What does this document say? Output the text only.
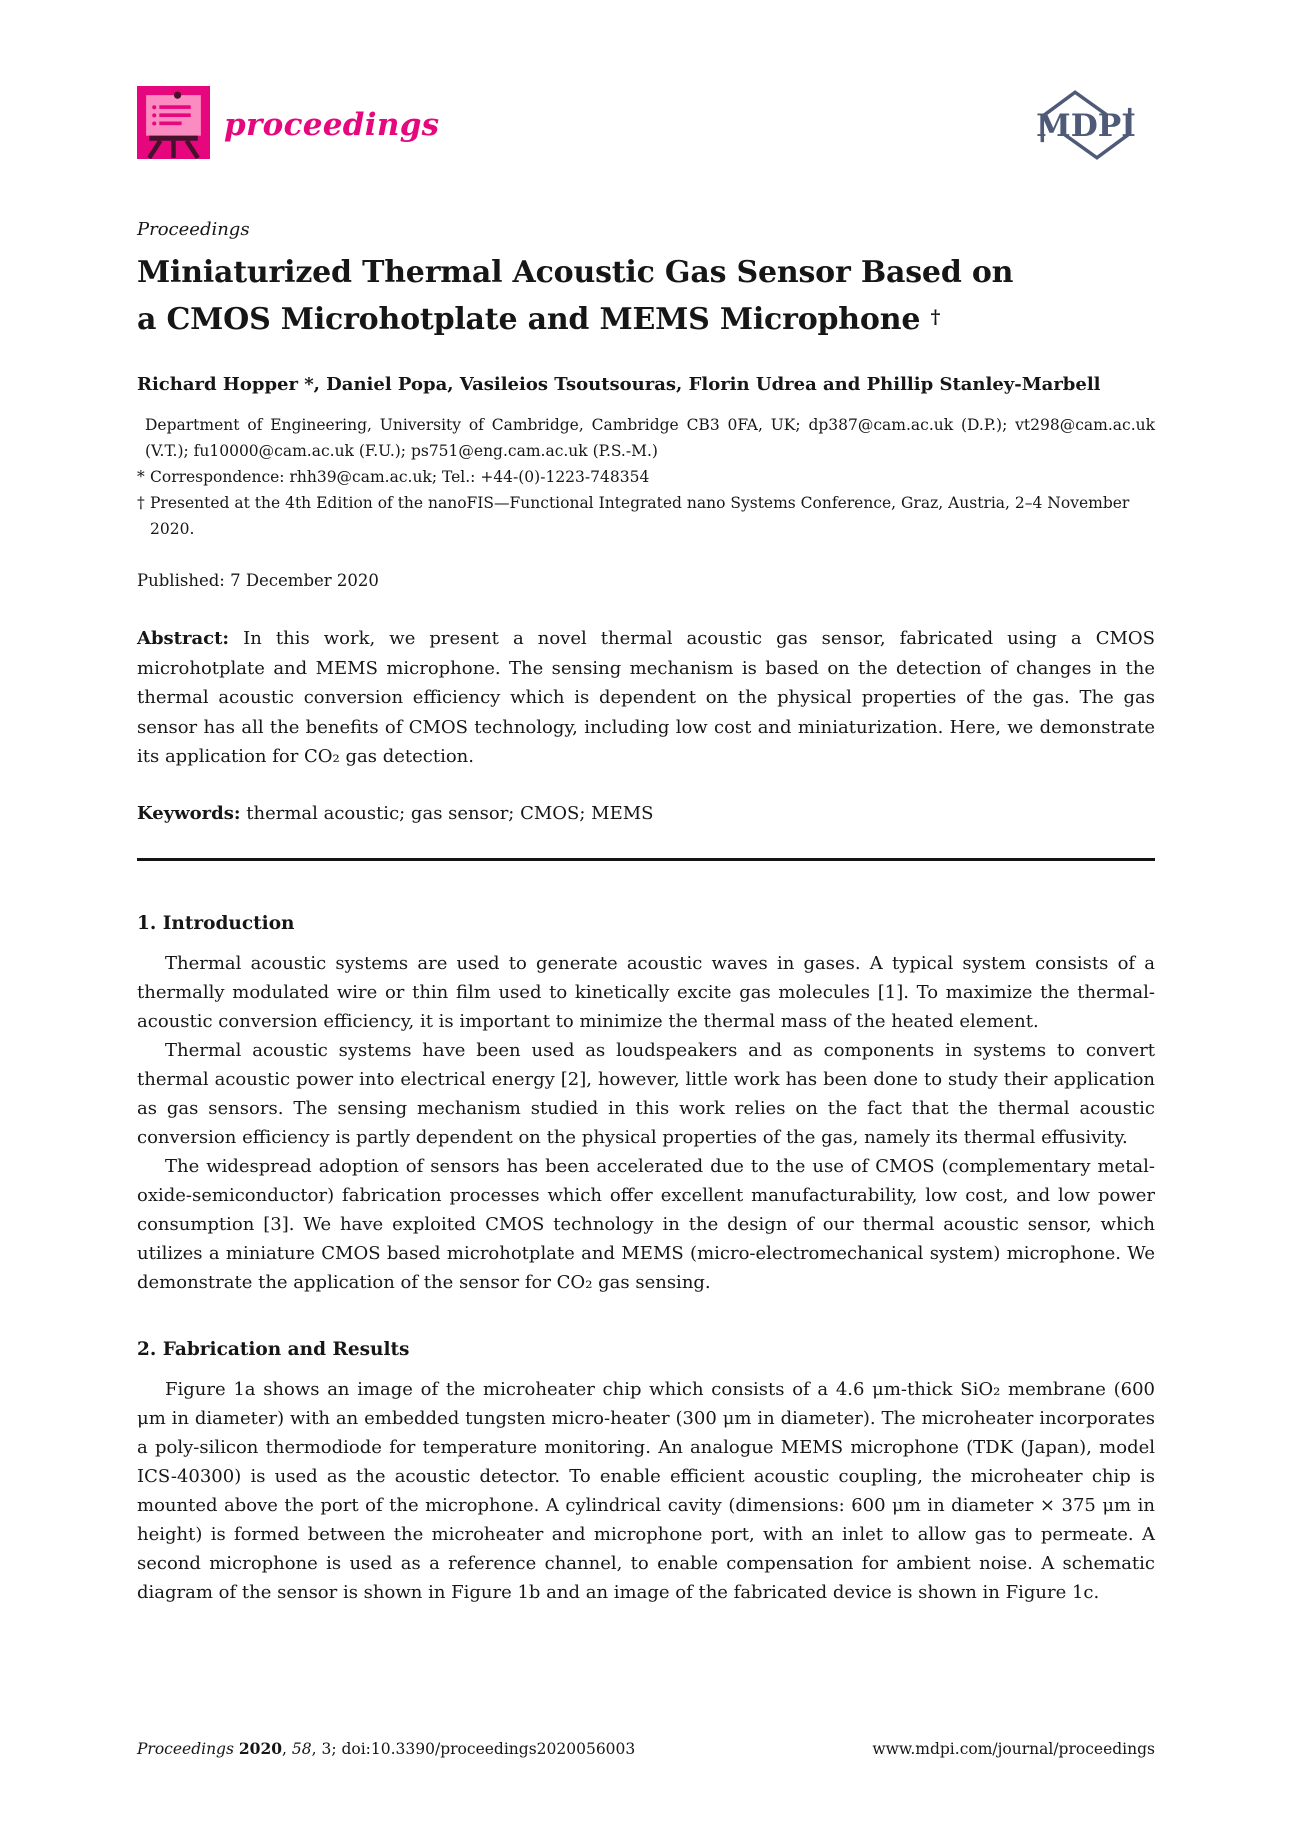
proceedings	MDPI
Proceedings
Miniaturized Thermal Acoustic Gas Sensor Based on
a CMOS Microhotplate and MEMS Microphone †
Richard Hopper *, Daniel Popa, Vasileios Tsoutsouras, Florin Udrea and Phillip Stanley-Marbell
Department of Engineering, University of Cambridge, Cambridge CB3 0FA, UK; dp387@cam.ac.uk (D.P.); vt298@cam.ac.uk (V.T.); fu10000@cam.ac.uk (F.U.); ps751@eng.cam.ac.uk (P.S.-M.)
* Correspondence: rhh39@cam.ac.uk; Tel.: +44-(0)-1223-748354
† Presented at the 4th Edition of the nanoFIS—Functional Integrated nano Systems Conference, Graz, Austria, 2–4 November 2020.
Published: 7 December 2020

Abstract: In this work, we present a novel thermal acoustic gas sensor, fabricated using a CMOS microhotplate and MEMS microphone. The sensing mechanism is based on the detection of changes in the thermal acoustic conversion efficiency which is dependent on the physical properties of the gas. The gas sensor has all the benefits of CMOS technology, including low cost and miniaturization. Here, we demonstrate its application for CO₂ gas detection.

Keywords: thermal acoustic; gas sensor; CMOS; MEMS

1. Introduction

Thermal acoustic systems are used to generate acoustic waves in gases. A typical system consists of a thermally modulated wire or thin film used to kinetically excite gas molecules [1]. To maximize the thermal-acoustic conversion efficiency, it is important to minimize the thermal mass of the heated element.

Thermal acoustic systems have been used as loudspeakers and as components in systems to convert thermal acoustic power into electrical energy [2], however, little work has been done to study their application as gas sensors. The sensing mechanism studied in this work relies on the fact that the thermal acoustic conversion efficiency is partly dependent on the physical properties of the gas, namely its thermal effusivity.

The widespread adoption of sensors has been accelerated due to the use of CMOS (complementary metal-oxide-semiconductor) fabrication processes which offer excellent manufacturability, low cost, and low power consumption [3]. We have exploited CMOS technology in the design of our thermal acoustic sensor, which utilizes a miniature CMOS based microhotplate and MEMS (micro-electromechanical system) microphone. We demonstrate the application of the sensor for CO₂ gas sensing.

2. Fabrication and Results

Figure 1a shows an image of the microheater chip which consists of a 4.6 μm-thick SiO₂ membrane (600 μm in diameter) with an embedded tungsten micro-heater (300 μm in diameter). The microheater incorporates a poly-silicon thermodiode for temperature monitoring. An analogue MEMS microphone (TDK (Japan), model ICS-40300) is used as the acoustic detector. To enable efficient acoustic coupling, the microheater chip is mounted above the port of the microphone. A cylindrical cavity (dimensions: 600 μm in diameter × 375 μm in height) is formed between the microheater and microphone port, with an inlet to allow gas to permeate. A second microphone is used as a reference channel, to enable compensation for ambient noise. A schematic diagram of the sensor is shown in Figure 1b and an image of the fabricated device is shown in Figure 1c.

Proceedings 2020, 58, 3; doi:10.3390/proceedings2020056003	www.mdpi.com/journal/proceedings
